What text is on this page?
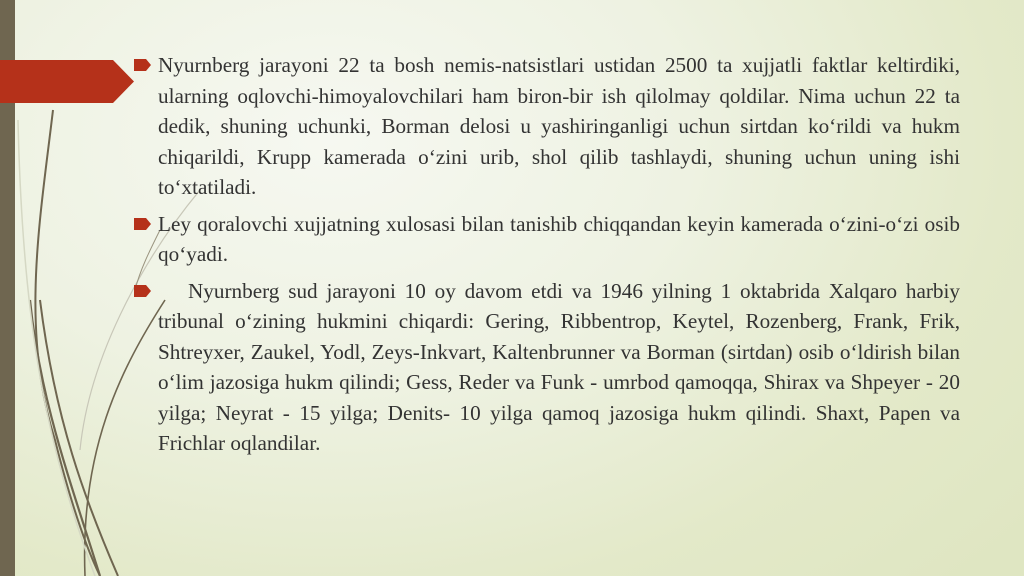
Nyurnberg jarayoni 22 ta bosh nemis-natsistlari ustidan 2500 ta xujjatli faktlar keltirdiki, ularning oqlovchi-himoyalovchilari ham biron-bir ish qilolmay qoldilar. Nima uchun 22 ta dedik, shuning uchunki, Borman delosi u yashiringanligi uchun sirtdan ko‘rildi va hukm chiqarildi, Krupp kamerada o‘zini urib, shol qilib tashlaydi, shuning uchun uning ishi to‘xtatiladi.
Ley qoralovchi xujjatning xulosasi bilan tanishib chiqqandan keyin kamerada o‘zini-o‘zi osib qo‘yadi.
Nyurnberg sud jarayoni 10 oy davom etdi va 1946 yilning 1 oktabrida Xalqaro harbiy tribunal o‘zining hukmini chiqardi: Gering, Ribbentrop, Keytel, Rozenberg, Frank, Frik, Shtreyxer, Zaukel, Yodl, Zeys-Inkvart, Kaltenbrunner va Borman (sirtdan) osib o‘ldirish bilan o‘lim jazosiga hukm qilindi; Gess, Reder va Funk - umrbod qamoqqa, Shirax va Shpeyer - 20 yilga; Neyrat - 15 yilga; Denits- 10 yilga qamoq jazosiga hukm qilindi. Shaxt, Papen va Frichlar oqlandilar.
